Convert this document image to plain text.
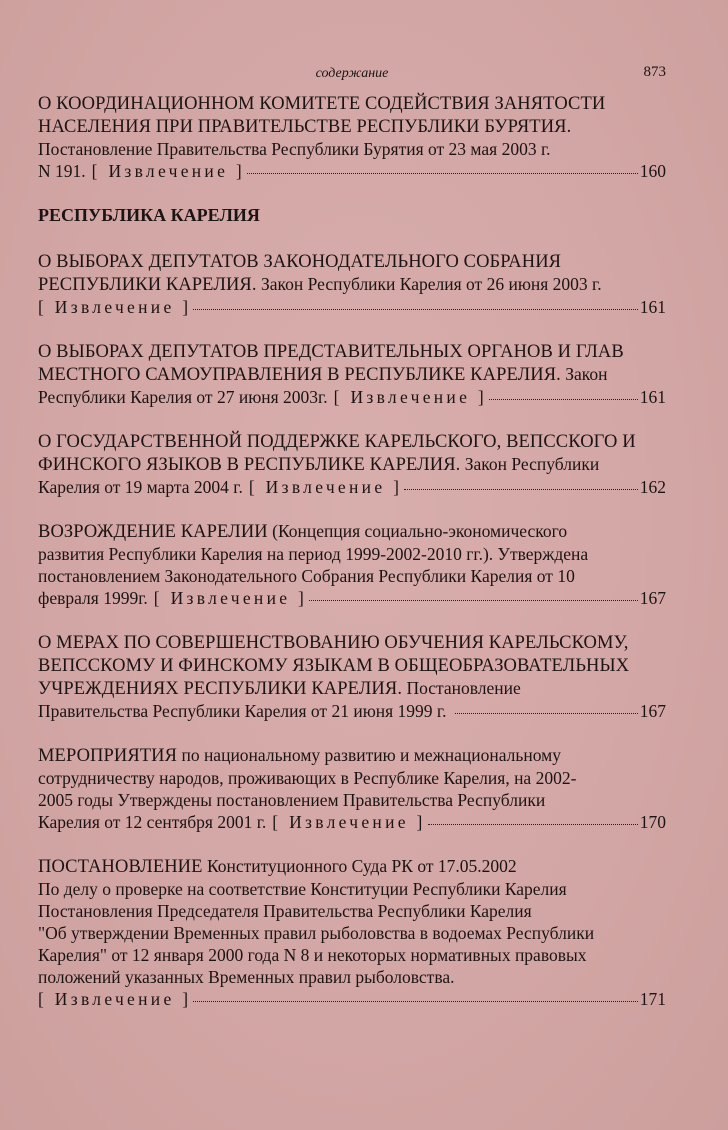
содержание	873
О КООРДИНАЦИОННОМ КОМИТЕТЕ СОДЕЙСТВИЯ ЗАНЯТОСТИ
НАСЕЛЕНИЯ ПРИ ПРАВИТЕЛЬСТВЕ РЕСПУБЛИКИ БУРЯТИЯ.
Постановление Правительства Республики Бурятия от 23 мая 2003 г.
N 191. [ Извлечение ]	160
РЕСПУБЛИКА КАРЕЛИЯ
О ВЫБОРАХ ДЕПУТАТОВ ЗАКОНОДАТЕЛЬНОГО СОБРАНИЯ
РЕСПУБЛИКИ КАРЕЛИЯ. Закон Республики Карелия от 26 июня 2003 г.
[ Извлечение ]	161
О ВЫБОРАХ ДЕПУТАТОВ ПРЕДСТАВИТЕЛЬНЫХ ОРГАНОВ И ГЛАВ
МЕСТНОГО САМОУПРАВЛЕНИЯ В РЕСПУБЛИКЕ КАРЕЛИЯ. Закон
Республики Карелия от 27 июня 2003г. [ Извлечение ]	161
О ГОСУДАРСТВЕННОЙ ПОДДЕРЖКЕ КАРЕЛЬСКОГО, ВЕПССКОГО И
ФИНСКОГО ЯЗЫКОВ В РЕСПУБЛИКЕ КАРЕЛИЯ. Закон Республики
Карелия от 19 марта 2004 г. [ Извлечение ]	162
ВОЗРОЖДЕНИЕ КАРЕЛИИ (Концепция социально-экономического
развития Республики Карелия на период 1999-2002-2010 гг.). Утверждена
постановлением Законодательного Собрания Республики Карелия от 10
февраля 1999г. [ Извлечение ]	167
О МЕРАХ ПО СОВЕРШЕНСТВОВАНИЮ ОБУЧЕНИЯ КАРЕЛЬСКОМУ,
ВЕПССКОМУ И ФИНСКОМУ ЯЗЫКАМ В ОБЩЕОБРАЗОВАТЕЛЬНЫХ
УЧРЕЖДЕНИЯХ РЕСПУБЛИКИ КАРЕЛИЯ. Постановление
Правительства Республики Карелия от 21 июня 1999 г.	167
МЕРОПРИЯТИЯ по национальному развитию и межнациональному
сотрудничеству народов, проживающих в Республике Карелия, на 2002-
2005 годы Утверждены постановлением Правительства Республики
Карелия от 12 сентября 2001 г. [ Извлечение ]	170
ПОСТАНОВЛЕНИЕ Конституционного Суда РК от 17.05.2002
По делу о проверке на соответствие Конституции Республики Карелия
Постановления Председателя Правительства Республики Карелия
"Об утверждении Временных правил рыболовства в водоемах Республики
Карелия" от 12 января 2000 года N 8 и некоторых нормативных правовых
положений указанных Временных правил рыболовства.
[ Извлечение ]	171
